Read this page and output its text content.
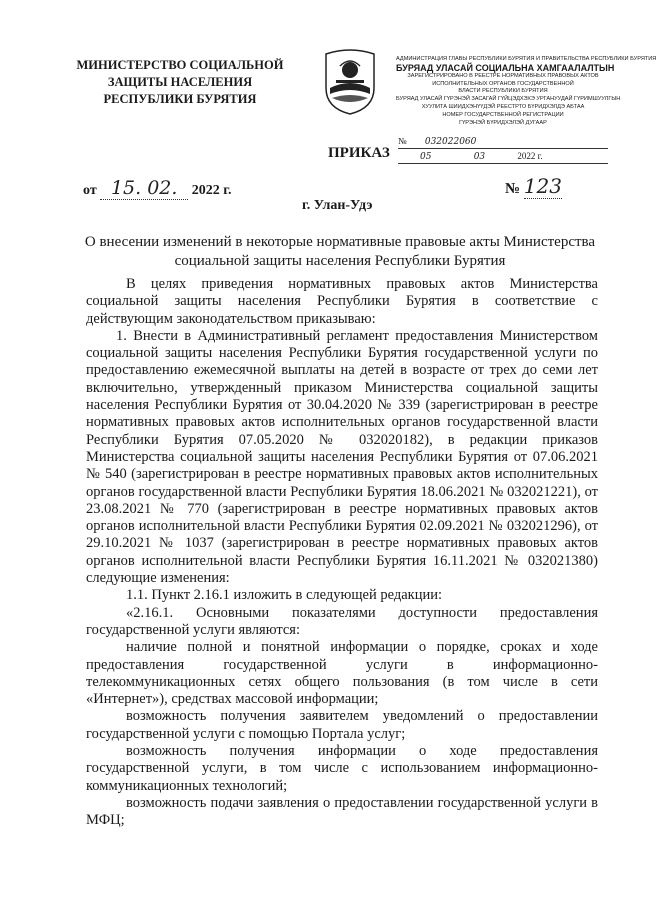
МИНИСТЕРСТВО СОЦИАЛЬНОЙ
ЗАЩИТЫ НАСЕЛЕНИЯ
РЕСПУБЛИКИ БУРЯТИЯ
АДМИНИСТРАЦИЯ ГЛАВЫ РЕСПУБЛИКИ БУРЯТИЯ И ПРАВИТЕЛЬСТВА РЕСПУБЛИКИ БУРЯТИЯ
БУРЯАД УЛАСАЙ СОЦИАЛЬНА ХАМГААЛАЛТЫН
ЗАРЕГИСТРИРОВАНО В РЕЕСТРЕ НОРМАТИВНЫХ ПРАВОВЫХ АКТОВ
ИСПОЛНИТЕЛЬНЫХ ОРГАНОВ ГОСУДАРСТВЕННОЙ
ВЛАСТИ РЕСПУБЛИКИ БУРЯТИЯ
БУРЯАД УЛАСАЙ ГҮРЭНЭЙ ЗАСАГАЙ ГҮЙЦЭДХЭХЭ УРГАНУУДАЙ ГҮРИМШУУЛГЫН
ХУУЛИТА ШИИДХЭНҮҮДЭЙ РЕЕСТРТО БҮРИДХЭЛДЭ АБТАА
НОМЕР ГОСУДАРСТВЕННОЙ РЕГИСТРАЦИИ
ГҮРЭНЭЙ БҮРИДХЭЛЭЙ ДУГААР
№ 032022060
05	03	2022 г.
ПРИКАЗ
от 15. 02. 2022 г.	№ 123
г. Улан-Удэ
О внесении изменений в некоторые нормативные правовые акты Министерства социальной защиты населения Республики Бурятия

В целях приведения нормативных правовых актов Министерства социальной защиты населения Республики Бурятия в соответствие с действующим законодательством приказываю:

1. Внести в Административный регламент предоставления Министерством социальной защиты населения Республики Бурятия государственной услуги по предоставлению ежемесячной выплаты на детей в возрасте от трех до семи лет включительно, утвержденный приказом Министерства социальной защиты населения Республики Бурятия от 30.04.2020 № 339 (зарегистрирован в реестре нормативных правовых актов исполнительных органов государственной власти Республики Бурятия 07.05.2020 № 032020182), в редакции приказов Министерства социальной защиты населения Республики Бурятия от 07.06.2021 № 540 (зарегистрирован в реестре нормативных правовых актов исполнительных органов государственной власти Республики Бурятия 18.06.2021 № 032021221), от 23.08.2021 № 770 (зарегистрирован в реестре нормативных правовых актов органов исполнительной власти Республики Бурятия 02.09.2021 № 032021296), от 29.10.2021 № 1037 (зарегистрирован в реестре нормативных правовых актов органов исполнительной власти Республики Бурятия 16.11.2021 № 032021380) следующие изменения:

1.1. Пункт 2.16.1 изложить в следующей редакции:

«2.16.1. Основными показателями доступности предоставления государственной услуги являются:

наличие полной и понятной информации о порядке, сроках и ходе предоставления государственной услуги в информационно-телекоммуникационных сетях общего пользования (в том числе в сети «Интернет»), средствах массовой информации;

возможность получения заявителем уведомлений о предоставлении государственной услуги с помощью Портала услуг;

возможность получения информации о ходе предоставления государственной услуги, в том числе с использованием информационно-коммуникационных технологий;

возможность подачи заявления о предоставлении государственной услуги в МФЦ;
